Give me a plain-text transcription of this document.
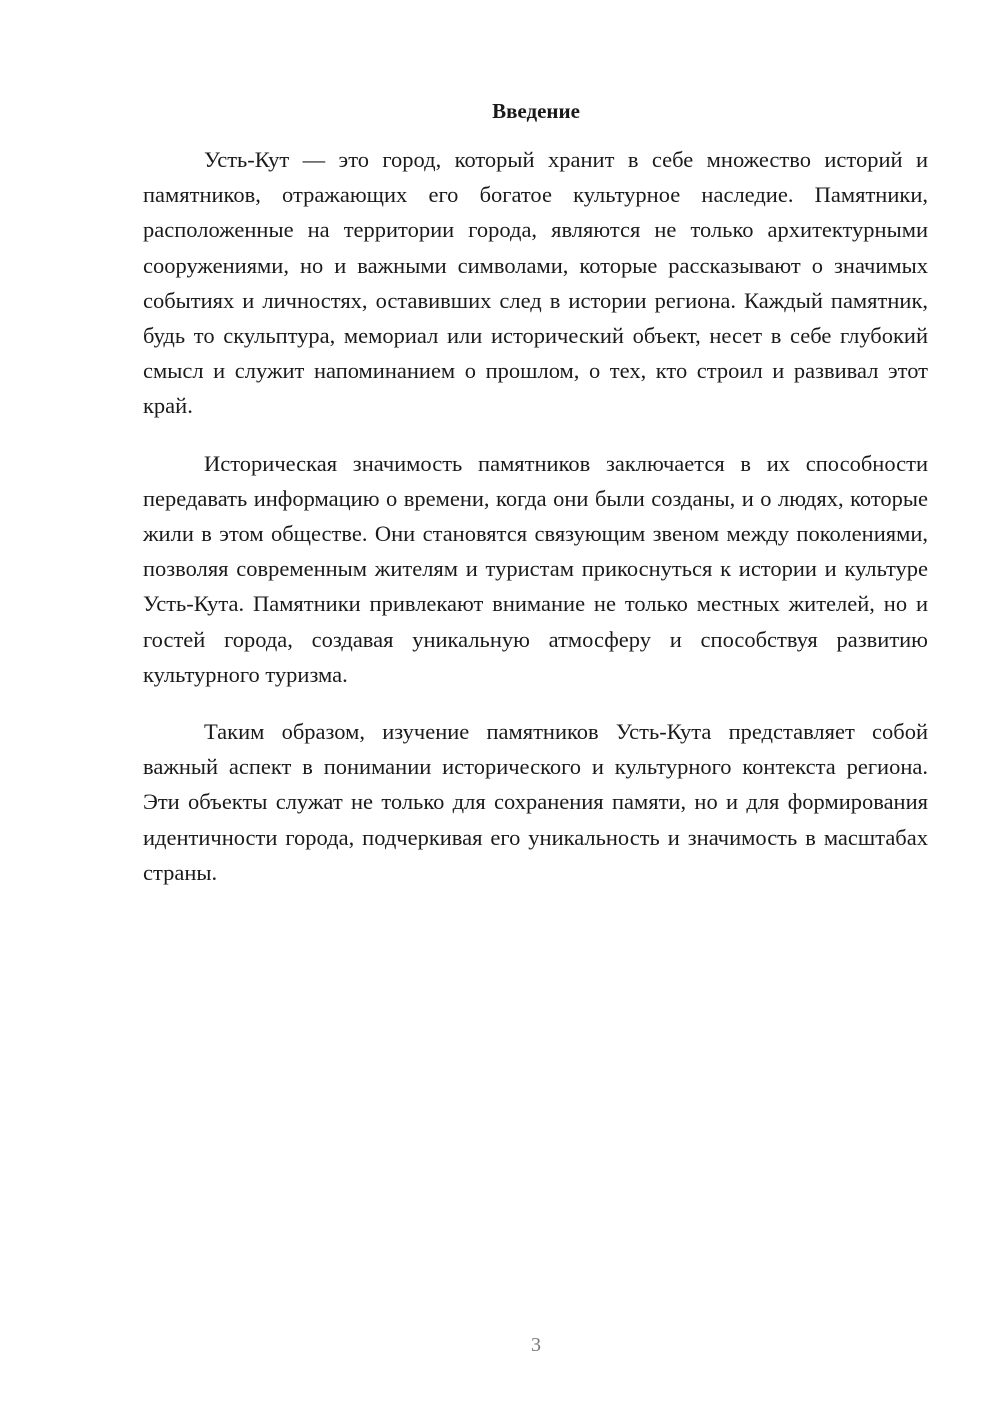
Введение

Усть-Кут — это город, который хранит в себе множество историй и памятников, отражающих его богатое культурное наследие. Памятники, расположенные на территории города, являются не только архитектурными сооружениями, но и важными символами, которые рассказывают о значимых событиях и личностях, оставивших след в истории региона. Каждый памятник, будь то скульптура, мемориал или исторический объект, несет в себе глубокий смысл и служит напоминанием о прошлом, о тех, кто строил и развивал этот край.

Историческая значимость памятников заключается в их способности передавать информацию о времени, когда они были созданы, и о людях, которые жили в этом обществе. Они становятся связующим звеном между поколениями, позволяя современным жителям и туристам прикоснуться к истории и культуре Усть-Кута. Памятники привлекают внимание не только местных жителей, но и гостей города, создавая уникальную атмосферу и способствуя развитию культурного туризма.

Таким образом, изучение памятников Усть-Кута представляет собой важный аспект в понимании исторического и культурного контекста региона. Эти объекты служат не только для сохранения памяти, но и для формирования идентичности города, подчеркивая его уникальность и значимость в масштабах страны.

3
